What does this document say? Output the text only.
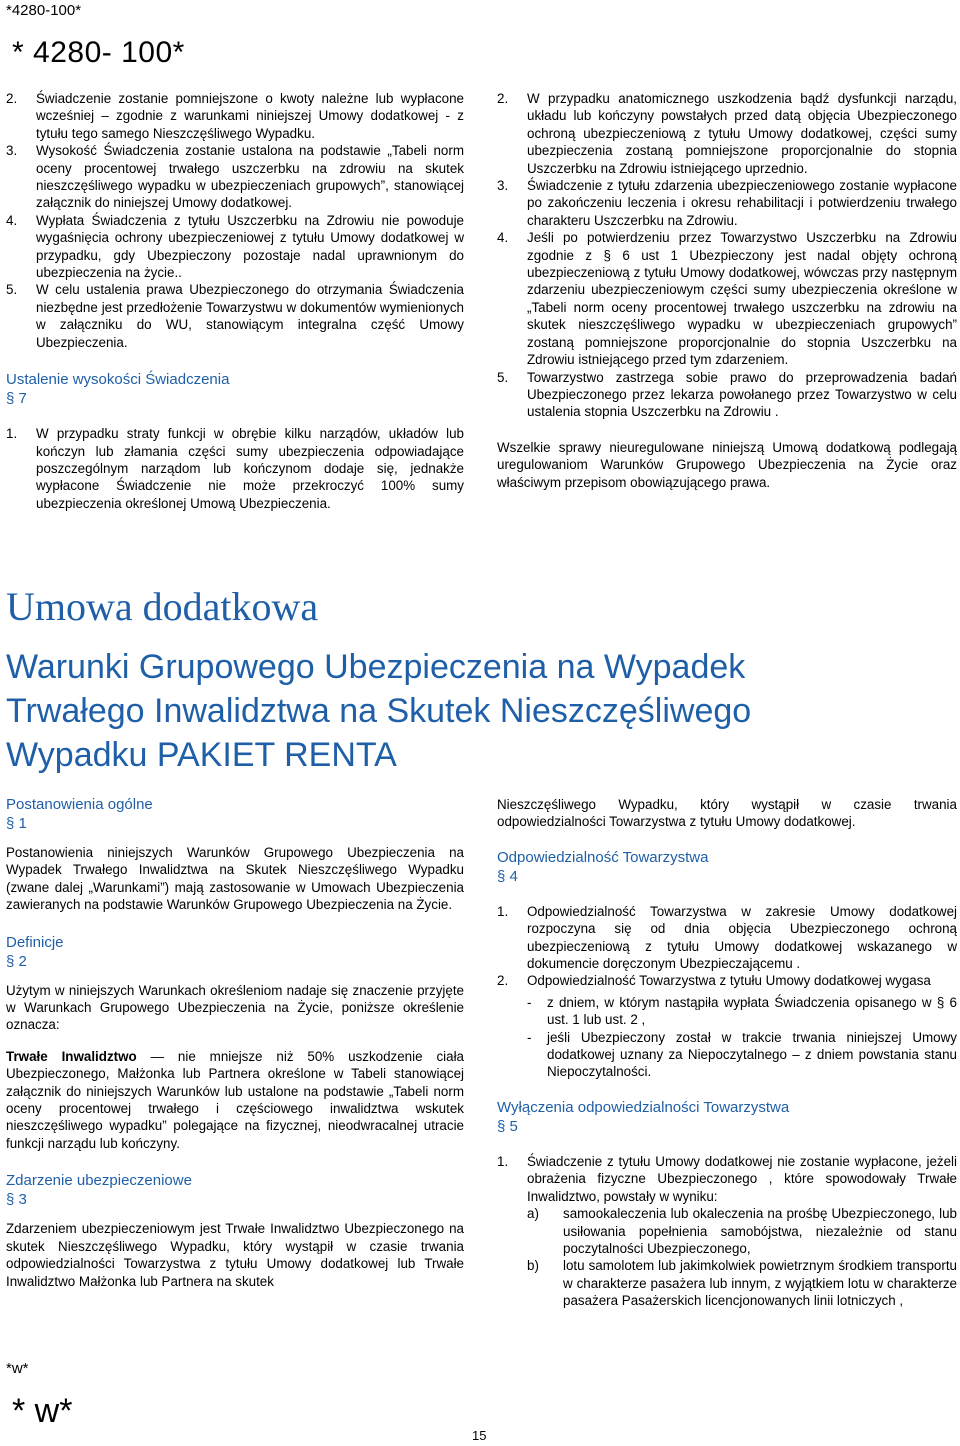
*4280-100*
* 4280- 100*
2. Świadczenie zostanie pomniejszone o kwoty należne lub wypłacone wcześniej – zgodnie z warunkami niniejszej Umowy dodatkowej - z tytułu tego samego Nieszczęśliwego Wypadku.

3. Wysokość Świadczenia zostanie ustalona na podstawie „Tabeli norm oceny procentowej trwałego uszczerbku na zdrowiu na skutek nieszczęśliwego wypadku w ubezpieczeniach grupowych”, stanowiącej załącznik do niniejszej Umowy dodatkowej.

4. Wypłata Świadczenia z tytułu Uszczerbku na Zdrowiu nie powoduje wygaśnięcia ochrony ubezpieczeniowej z tytułu Umowy dodatkowej w przypadku, gdy Ubezpieczony pozostaje nadal uprawnionym do ubezpieczenia na życie..

5. W celu ustalenia prawa Ubezpieczonego do otrzymania Świadczenia niezbędne jest przedłożenie Towarzystwu w dokumentów wymienionych w załączniku do WU, stanowiącym integralna część Umowy Ubezpieczenia.

Ustalenie wysokości Świadczenia

§ 7

1. W przypadku straty funkcji w obrębie kilku narządów, układów lub kończyn lub złamania części sumy ubezpieczenia odpowiadające poszczególnym narządom lub kończynom dodaje się, jednakże wypłacone Świadczenie nie może przekroczyć 100% sumy ubezpieczenia określonej Umową Ubezpieczenia.

2. W przypadku anatomicznego uszkodzenia bądź dysfunkcji narządu, układu lub kończyny powstałych przed datą objęcia Ubezpieczonego ochroną ubezpieczeniową z tytułu Umowy dodatkowej, części sumy ubezpieczenia zostaną pomniejszone proporcjonalnie do stopnia Uszczerbku na Zdrowiu istniejącego uprzednio.

3. Świadczenie z tytułu zdarzenia ubezpieczeniowego zostanie wypłacone po zakończeniu leczenia i okresu rehabilitacji i potwierdzeniu trwałego charakteru Uszczerbku na Zdrowiu.

4. Jeśli po potwierdzeniu przez Towarzystwo Uszczerbku na Zdrowiu zgodnie z § 6 ust 1 Ubezpieczony jest nadal objęty ochroną ubezpieczeniową z tytułu Umowy dodatkowej, wówczas przy następnym zdarzeniu ubezpieczeniowym części sumy ubezpieczenia określone w „Tabeli norm oceny procentowej trwałego uszczerbku na zdrowiu na skutek nieszczęśliwego wypadku w ubezpieczeniach grupowych” zostaną pomniejszone proporcjonalnie do stopnia Uszczerbku na Zdrowiu istniejącego przed tym zdarzeniem.

5. Towarzystwo zastrzega sobie prawo do przeprowadzenia badań Ubezpieczonego przez lekarza powołanego przez Towarzystwo w celu ustalenia stopnia Uszczerbku na Zdrowiu .

Wszelkie sprawy nieuregulowane niniejszą Umową dodatkową podlegają uregulowaniom Warunków Grupowego Ubezpieczenia na Życie oraz właściwym przepisom obowiązującego prawa.

Umowa dodatkowa
Warunki Grupowego Ubezpieczenia na Wypadek
Trwałego Inwalidztwa na Skutek Nieszczęśliwego
Wypadku PAKIET RENTA

Postanowienia ogólne

§ 1

Postanowienia niniejszych Warunków Grupowego Ubezpieczenia na Wypadek Trwałego Inwalidztwa na Skutek Nieszczęśliwego Wypadku (zwane dalej „Warunkami”) mają zastosowanie w Umowach Ubezpieczenia zawieranych na podstawie Warunków Grupowego Ubezpieczenia na Życie.

Definicje

§ 2

Użytym w niniejszych Warunkach określeniom nadaje się znaczenie przyjęte w Warunkach Grupowego Ubezpieczenia na Życie, poniższe określenie oznacza:

Trwałe Inwalidztwo — nie mniejsze niż 50% uszkodzenie ciała Ubezpieczonego, Małżonka lub Partnera określone w Tabeli stanowiącej załącznik do niniejszych Warunków lub ustalone na podstawie „Tabeli norm oceny procentowej trwałego i częściowego inwalidztwa wskutek nieszczęśliwego wypadku” polegające na fizycznej, nieodwracalnej utracie funkcji narządu lub kończyny.

Zdarzenie ubezpieczeniowe

§ 3

Zdarzeniem ubezpieczeniowym jest Trwałe Inwalidztwo Ubezpieczonego na skutek Nieszczęśliwego Wypadku, który wystąpił w czasie trwania odpowiedzialności Towarzystwa z tytułu Umowy dodatkowej lub Trwałe Inwalidztwo Małżonka lub Partnera na skutek

Nieszczęśliwego Wypadku, który wystąpił w czasie trwania odpowiedzialności Towarzystwa z tytułu Umowy dodatkowej.

Odpowiedzialność Towarzystwa

§ 4

1. Odpowiedzialność Towarzystwa w zakresie Umowy dodatkowej rozpoczyna się od dnia objęcia Ubezpieczonego ochroną ubezpieczeniową z tytułu Umowy dodatkowej wskazanego w dokumencie doręczonym Ubezpieczającemu .

2. Odpowiedzialność Towarzystwa z tytułu Umowy dodatkowej wygasa

- z dniem, w którym nastąpiła wypłata Świadczenia opisanego w § 6 ust. 1 lub ust. 2 ,
- jeśli Ubezpieczony został w trakcie trwania niniejszej Umowy dodatkowej uznany za Niepoczytalnego – z dniem powstania stanu Niepoczytalności.

Wyłączenia odpowiedzialności Towarzystwa

§ 5

1. Świadczenie z tytułu Umowy dodatkowej nie zostanie wypłacone, jeżeli obrażenia fizyczne Ubezpieczonego , które spowodowały Trwałe Inwalidztwo, powstały w wyniku:

a) samookaleczenia lub okaleczenia na prośbę Ubezpieczonego, lub usiłowania popełnienia samobójstwa, niezależnie od stanu poczytalności Ubezpieczonego,
b) lotu samolotem lub jakimkolwiek powietrznym środkiem transportu w charakterze pasażera lub innym, z wyjątkiem lotu w charakterze pasażera Pasażerskich licencjonowanych linii lotniczych ,
*w*
* w*
15
